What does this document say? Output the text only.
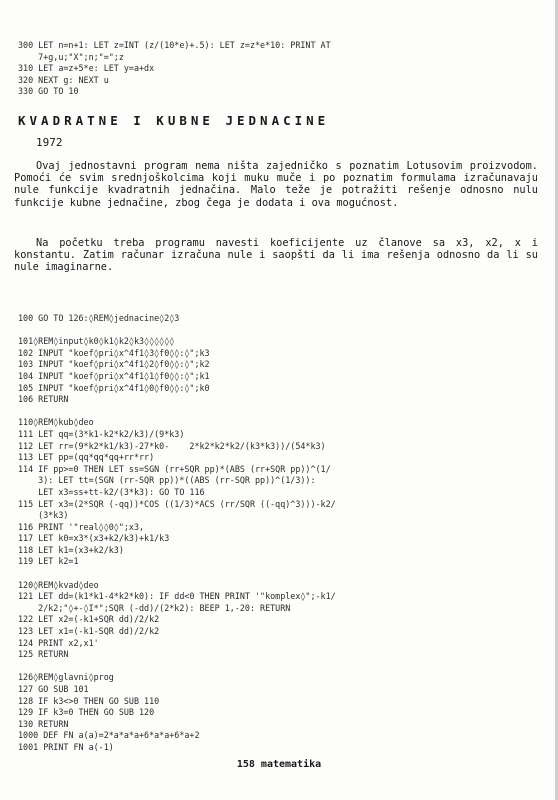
300 LET n=n+1: LET z=INT (z/(10*e)+.5): LET z=z*e*10: PRINT AT
7+g,u;"X";n;"=";z
310 LET a=z+5*e: LET y=a+dx
320 NEXT g: NEXT u
330 GO TO 10
KVADRATNE I KUBNE JEDNACINE
1972

Ovaj jednostavni program nema ništa zajedničko s poznatim Lotusovim proizvodom. Pomoći će svim srednjoškolcima koji muku muče i po poznatim formulama izračunavaju nule funkcije kvadratnih jednačina. Malo teže je potražiti rešenje odnosno nulu funkcije kubne jednačine, zbog čega je dodata i ova mogućnost.

Na početku treba programu navesti koeficijente uz članove sa x3, x2, x i konstantu. Zatim računar izračuna nule i saopšti da li ima rešenja odnosno da li su nule imaginarne.

100 GO TO 126:◊REM◊jednacine◊2◊3

101◊REM◊input◊k0◊k1◊k2◊k3◊◊◊◊◊◊
102 INPUT "koef◊pri◊x^4f1◊3◊f0◊◊:◊";k3
103 INPUT "koef◊pri◊x^4f1◊2◊f0◊◊:◊";k2
104 INPUT "koef◊pri◊x^4f1◊1◊f0◊◊:◊";k1
105 INPUT "koef◊pri◊x^4f1◊0◊f0◊◊:◊";k0
106 RETURN

110◊REM◊kub◊deo
111 LET qq=(3*k1-k2*k2/k3)/(9*k3)
112 LET rr=(9*k2*k1/k3)-27*k0-    2*k2*k2*k2/(k3*k3))/(54*k3)
113 LET pp=(qq*qq*qq+rr*rr)
114 IF pp>=0 THEN LET ss=SGN (rr+SQR pp)*(ABS (rr+SQR pp))^(1/
3): LET tt=(SGN (rr-SQR pp))*((ABS (rr-SQR pp))^(1/3)):
LET x3=ss+tt-k2/(3*k3): GO TO 116
115 LET x3=(2*SQR (-qq))*COS ((1/3)*ACS (rr/SQR ((-qq)^3)))-k2/
(3*k3)
116 PRINT '"real◊◊0◊";x3,
117 LET k0=x3*(x3+k2/k3)+k1/k3
118 LET k1=(x3+k2/k3)
119 LET k2=1

120◊REM◊kvad◊deo
121 LET dd=(k1*k1-4*k2*k0): IF dd<0 THEN PRINT '"komplex◊";-k1/
2/k2;"◊+-◊I*";SQR (-dd)/(2*k2): BEEP 1,-20: RETURN
122 LET x2=(-k1+SQR dd)/2/k2
123 LET x1=(-k1-SQR dd)/2/k2
124 PRINT x2,x1'
125 RETURN

126◊REM◊glavni◊prog
127 GO SUB 101
128 IF k3<>0 THEN GO SUB 110
129 IF k3=0 THEN GO SUB 120
130 RETURN
1000 DEF FN a(a)=2*a*a*a+6*a*a+6*a+2
1001 PRINT FN a(-1)
158 matematika
